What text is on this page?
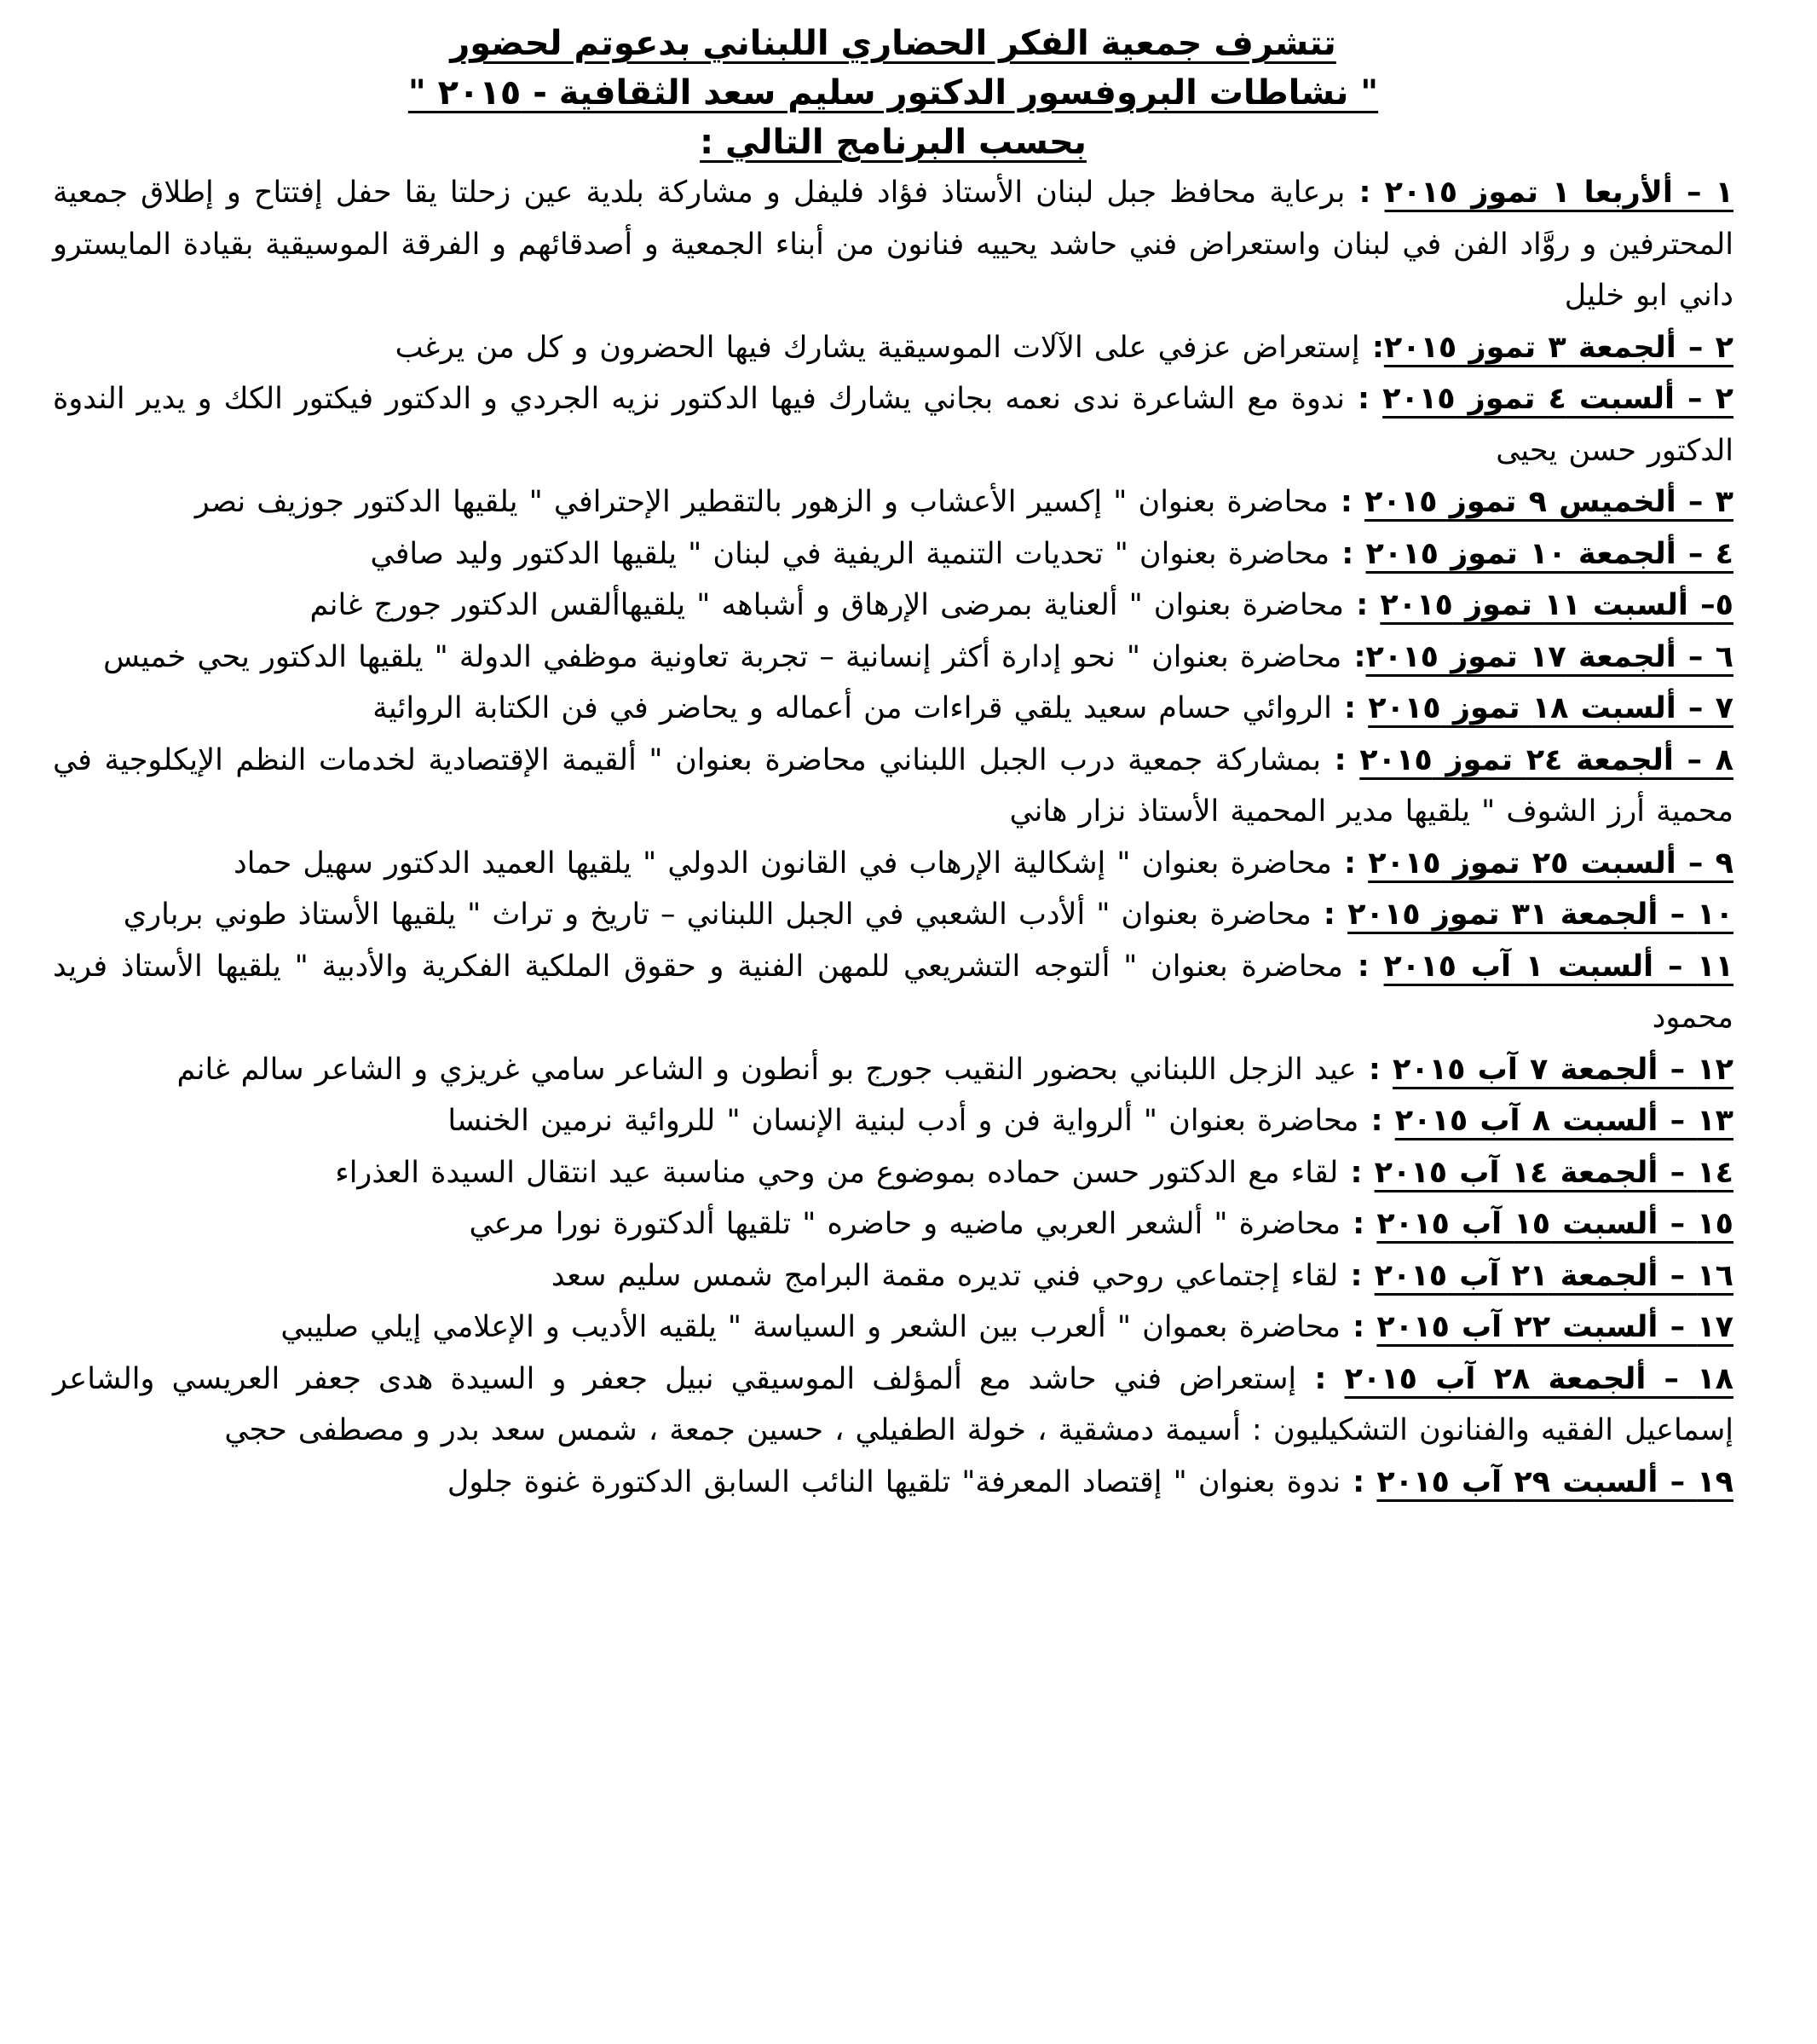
تتشرف جمعية الفكر الحضاري اللبناني بدعوتم لحضور
" نشاطات البروفسور الدكتور سليم سعد الثقافية - ٢٠١٥ "
بحسب البرنامج التالي :
١ – ألأربعا ١ تموز ٢٠١٥ : برعاية محافظ جبل لبنان الأستاذ فؤاد فليفل و مشاركة بلدية عين زحلتا يقا حفل إفتتاح و إطلاق جمعية المحترفين و روَّاد الفن في لبنان واستعراض فني حاشد يحييه فنانون من أبناء الجمعية و أصدقائهم و الفرقة الموسيقية بقيادة المايسترو داني ابو خليل
٢ – ألجمعة ٣ تموز ٢٠١٥: إستعراض عزفي على الآلات الموسيقية يشارك فيها الحضرون و كل من يرغب
٢ – ألسبت ٤ تموز ٢٠١٥ : ندوة مع الشاعرة ندى نعمه بجاني يشارك فيها الدكتور نزيه الجردي و الدكتور فيكتور الكك و يدير الندوة الدكتور حسن يحيى
٣ – ألخميس ٩ تموز ٢٠١٥ : محاضرة بعنوان " إكسير الأعشاب و الزهور بالتقطير الإحترافي " يلقيها الدكتور جوزيف نصر
٤ – ألجمعة ١٠ تموز ٢٠١٥ : محاضرة بعنوان " تحديات التنمية الريفية في لبنان " يلقيها الدكتور وليد صافي
٥– ألسبت ١١ تموز ٢٠١٥ : محاضرة بعنوان " ألعناية بمرضى الإرهاق و أشباهه " يلقيهاألقس الدكتور جورج غانم
٦ – ألجمعة ١٧ تموز ٢٠١٥: محاضرة بعنوان " نحو إدارة أكثر إنسانية – تجربة تعاونية موظفي الدولة " يلقيها الدكتور يحي خميس
٧ – ألسبت ١٨ تموز ٢٠١٥ : الروائي حسام سعيد يلقي قراءات من أعماله و يحاضر في فن الكتابة الروائية
٨ – ألجمعة ٢٤ تموز ٢٠١٥ : بمشاركة جمعية درب الجبل اللبناني محاضرة بعنوان " ألقيمة الإقتصادية لخدمات النظم الإيكلوجية في محمية أرز الشوف " يلقيها مدير المحمية الأستاذ نزار هاني
٩ – ألسبت ٢٥ تموز ٢٠١٥ : محاضرة بعنوان " إشكالية الإرهاب في القانون الدولي " يلقيها العميد الدكتور سهيل حماد
١٠ – ألجمعة ٣١ تموز ٢٠١٥ : محاضرة بعنوان " ألأدب الشعبي في الجبل اللبناني – تاريخ و تراث " يلقيها الأستاذ طوني برباري
١١ – ألسبت ١ آب ٢٠١٥ : محاضرة بعنوان " ألتوجه التشريعي للمهن الفنية و حقوق الملكية الفكرية والأدبية " يلقيها الأستاذ فريد محمود
١٢ – ألجمعة ٧ آب ٢٠١٥ : عيد الزجل اللبناني بحضور النقيب جورج بو أنطون و الشاعر سامي غريزي و الشاعر سالم غانم
١٣ – ألسبت ٨ آب ٢٠١٥ : محاضرة بعنوان " ألرواية فن و أدب لبنية الإنسان " للروائية نرمين الخنسا
١٤ – ألجمعة ١٤ آب ٢٠١٥ : لقاء مع الدكتور حسن حماده بموضوع من وحي مناسبة عيد انتقال السيدة العذراء
١٥ – ألسبت ١٥ آب ٢٠١٥ : محاضرة " ألشعر العربي ماضيه و حاضره " تلقيها ألدكتورة نورا مرعي
١٦ – ألجمعة ٢١ آب ٢٠١٥ : لقاء إجتماعي روحي فني تديره مقمة البرامج شمس سليم سعد
١٧ – ألسبت ٢٢ آب ٢٠١٥ : محاضرة بعموان " ألعرب بين الشعر و السياسة " يلقيه الأديب و الإعلامي إيلي صليبي
١٨ – ألجمعة ٢٨ آب ٢٠١٥ : إستعراض فني حاشد مع ألمؤلف الموسيقي نبيل جعفر و السيدة هدى جعفر العريسي والشاعر إسماعيل الفقيه والفنانون التشكيليون : أسيمة دمشقية ، خولة الطفيلي ، حسين جمعة ، شمس سعد بدر و مصطفى حجي
١٩ – ألسبت ٢٩ آب ٢٠١٥ : ندوة بعنوان " إقتصاد المعرفة" تلقيها النائب السابق الدكتورة غنوة جلول
